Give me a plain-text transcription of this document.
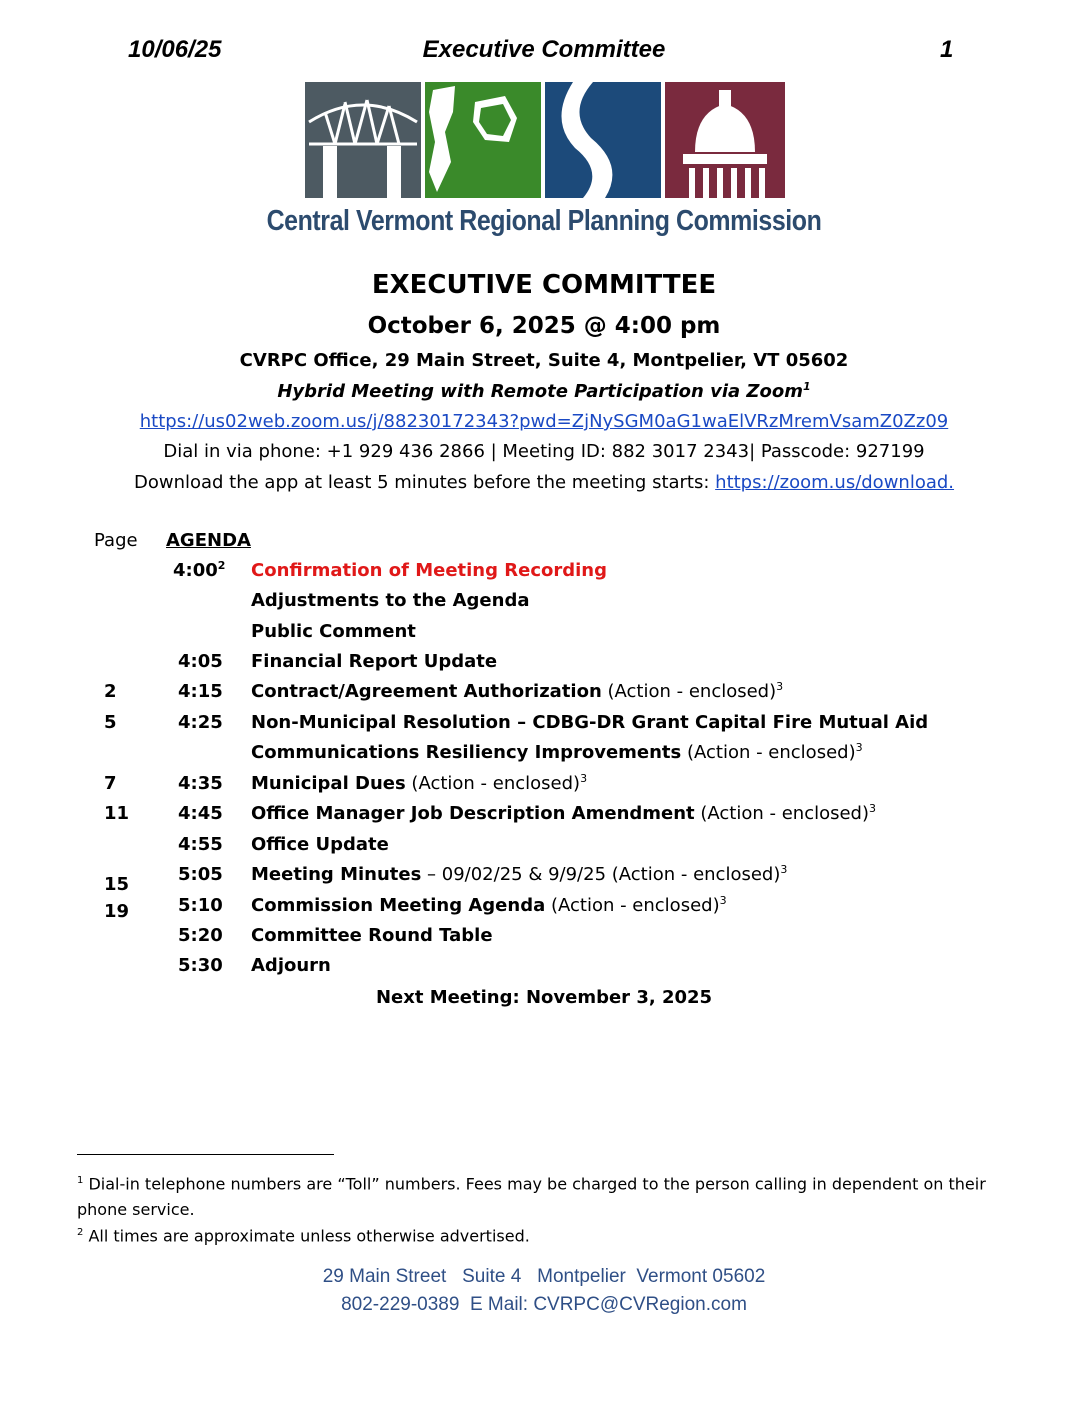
10/06/25	Executive Committee	1
Central Vermont Regional Planning Commission
EXECUTIVE COMMITTEE
October 6, 2025 @ 4:00 pm
CVRPC Office, 29 Main Street, Suite 4, Montpelier, VT 05602
Hybrid Meeting with Remote Participation via Zoom$^1$
https://us02web.zoom.us/j/88230172343?pwd=ZjNySGM0aG1waElVRzMremVsamZ0Zz09
Dial in via phone: +1 929 436 2866 | Meeting ID: 882 3017 2343| Passcode: 927199
Download the app at least 5 minutes before the meeting starts: https://zoom.us/download.
Page AGENDA
$4:00^2$ Confirmation of Meeting Recording
Adjustments to the Agenda
Public Comment
4:05 Financial Report Update
2	4:15 Contract/Agreement Authorization (Action - enclosed)$^3$
5	4:25 Non-Municipal Resolution – CDBG-DR Grant Capital Fire Mutual Aid
Communications Resiliency Improvements (Action - enclosed)$^3$
7	4:35 Municipal Dues (Action - enclosed)$^3$
11	4:45 Office Manager Job Description Amendment (Action - enclosed)$^3$
4:55 Office Update
15	5:05 Meeting Minutes – 09/02/25 & 9/9/25 (Action - enclosed)$^3$
19	5:10 Commission Meeting Agenda (Action - enclosed)$^3$
5:20 Committee Round Table
5:30 Adjourn
Next Meeting: November 3, 2025
$^1$ Dial-in telephone numbers are “Toll” numbers. Fees may be charged to the person calling in dependent on their phone service.
$^2$ All times are approximate unless otherwise advertised.
29 Main Street   Suite 4   Montpelier  Vermont 05602
802-229-0389  E Mail: CVRPC@CVRegion.com
